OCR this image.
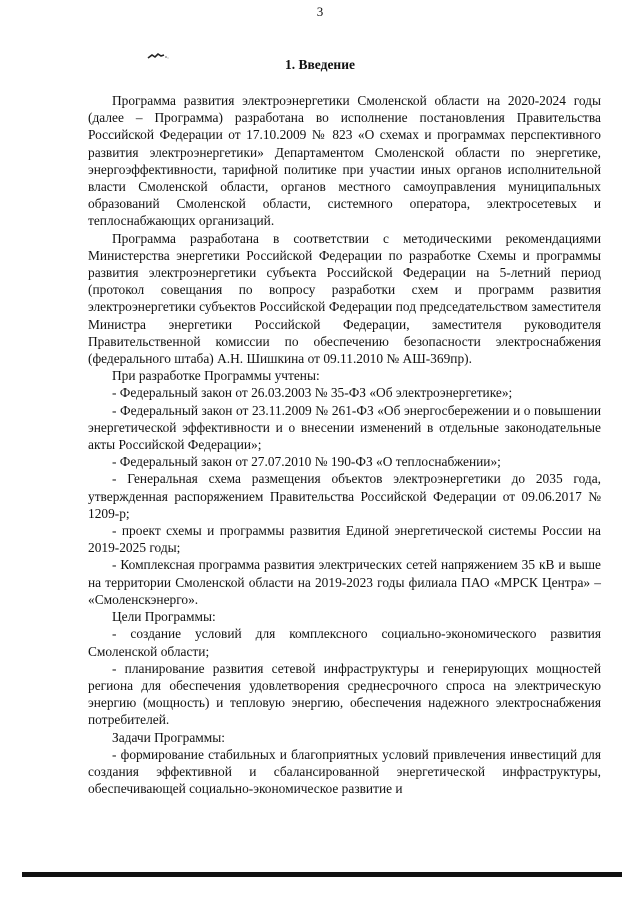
3
1. Введение

Программа развития электроэнергетики Смоленской области на 2020-2024 годы (далее – Программа) разработана во исполнение постановления Правительства Российской Федерации от 17.10.2009 № 823 «О схемах и программах перспективного развития электроэнергетики» Департаментом Смоленской области по энергетике, энергоэффективности, тарифной политике при участии иных органов исполнительной власти Смоленской области, органов местного самоуправления муниципальных образований Смоленской области, системного оператора, электросетевых и теплоснабжающих организаций.

Программа разработана в соответствии с методическими рекомендациями Министерства энергетики Российской Федерации по разработке Схемы и программы развития электроэнергетики субъекта Российской Федерации на 5-летний период (протокол совещания по вопросу разработки схем и программ развития электроэнергетики субъектов Российской Федерации под председательством заместителя Министра энергетики Российской Федерации, заместителя руководителя Правительственной комиссии по обеспечению безопасности электроснабжения (федерального штаба) А.Н. Шишкина от 09.11.2010 № АШ-369пр).

При разработке Программы учтены:

- Федеральный закон от 26.03.2003 № 35-ФЗ «Об электроэнергетике»;

- Федеральный закон от 23.11.2009 № 261-ФЗ «Об энергосбережении и о повышении энергетической эффективности и о внесении изменений в отдельные законодательные акты Российской Федерации»;

- Федеральный закон от 27.07.2010 № 190-ФЗ «О теплоснабжении»;

- Генеральная схема размещения объектов электроэнергетики до 2035 года, утвержденная распоряжением Правительства Российской Федерации от 09.06.2017 № 1209-р;

- проект схемы и программы развития Единой энергетической системы России на 2019-2025 годы;

- Комплексная программа развития электрических сетей напряжением 35 кВ и выше на территории Смоленской области на 2019-2023 годы филиала ПАО «МРСК Центра» – «Смоленскэнерго».

Цели Программы:

- создание условий для комплексного социально-экономического развития Смоленской области;

- планирование развития сетевой инфраструктуры и генерирующих мощностей региона для обеспечения удовлетворения среднесрочного спроса на электрическую энергию (мощность) и тепловую энергию, обеспечения надежного электроснабжения потребителей.

Задачи Программы:

- формирование стабильных и благоприятных условий привлечения инвестиций для создания эффективной и сбалансированной энергетической инфраструктуры, обеспечивающей социально-экономическое развитие и
